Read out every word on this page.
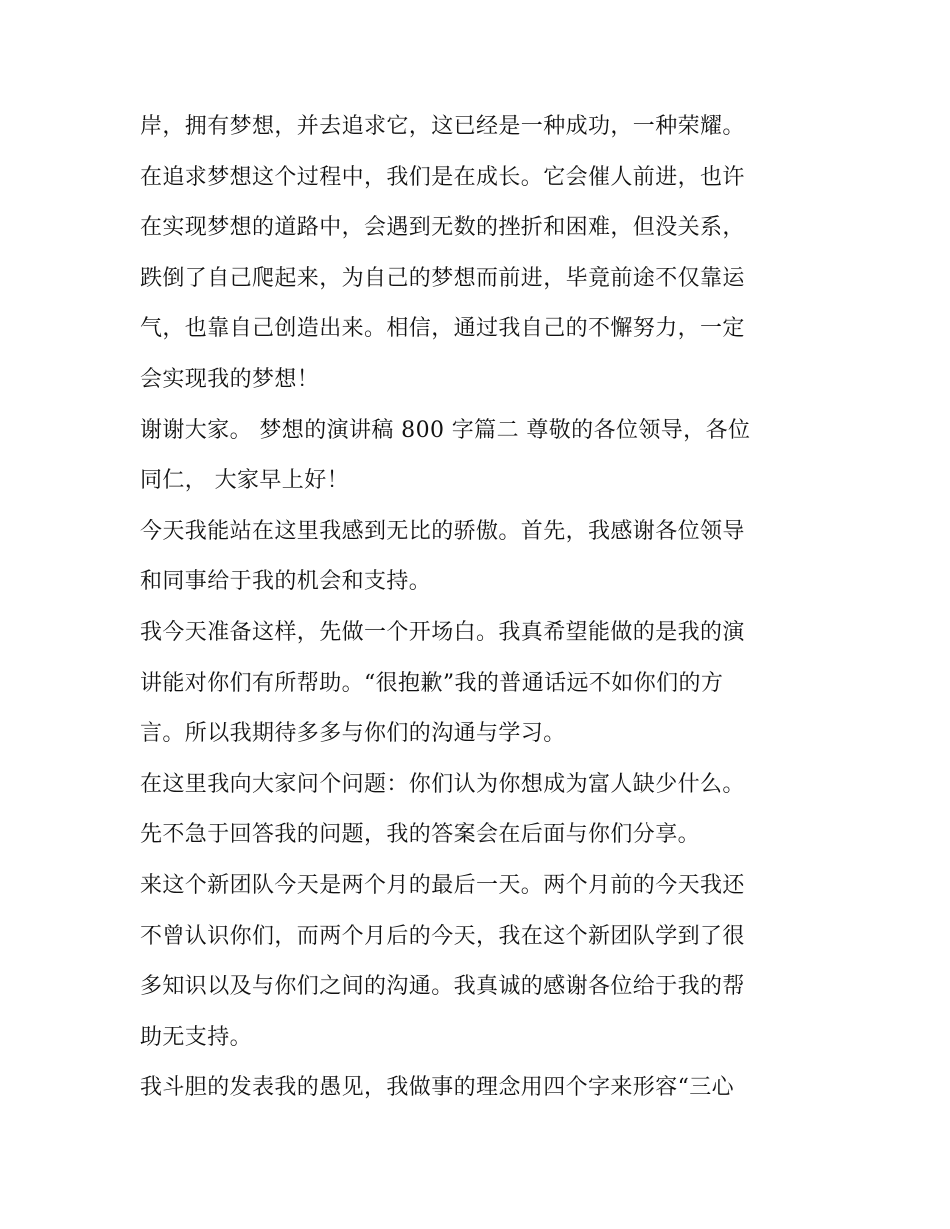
岸，拥有梦想，并去追求它，这已经是一种成功，一种荣耀。
在追求梦想这个过程中，我们是在成长。它会催人前进，也许
在实现梦想的道路中，会遇到无数的挫折和困难，但没关系，
跌倒了自己爬起来，为自己的梦想而前进，毕竟前途不仅靠运
气，也靠自己创造出来。相信，通过我自己的不懈努力，一定
会实现我的梦想！
谢谢大家。 梦想的演讲稿 800 字篇二 尊敬的各位领导，各位
同仁， 大家早上好！
今天我能站在这里我感到无比的骄傲。首先，我感谢各位领导
和同事给于我的机会和支持。
我今天准备这样，先做一个开场白。我真希望能做的是我的演
讲能对你们有所帮助。“很抱歉”我的普通话远不如你们的方
言。所以我期待多多与你们的沟通与学习。
在这里我向大家问个问题：你们认为你想成为富人缺少什么。
先不急于回答我的问题，我的答案会在后面与你们分享。
来这个新团队今天是两个月的最后一天。两个月前的今天我还
不曾认识你们，而两个月后的今天，我在这个新团队学到了很
多知识以及与你们之间的沟通。我真诚的感谢各位给于我的帮
助无支持。
我斗胆的发表我的愚见，我做事的理念用四个字来形容“三心
